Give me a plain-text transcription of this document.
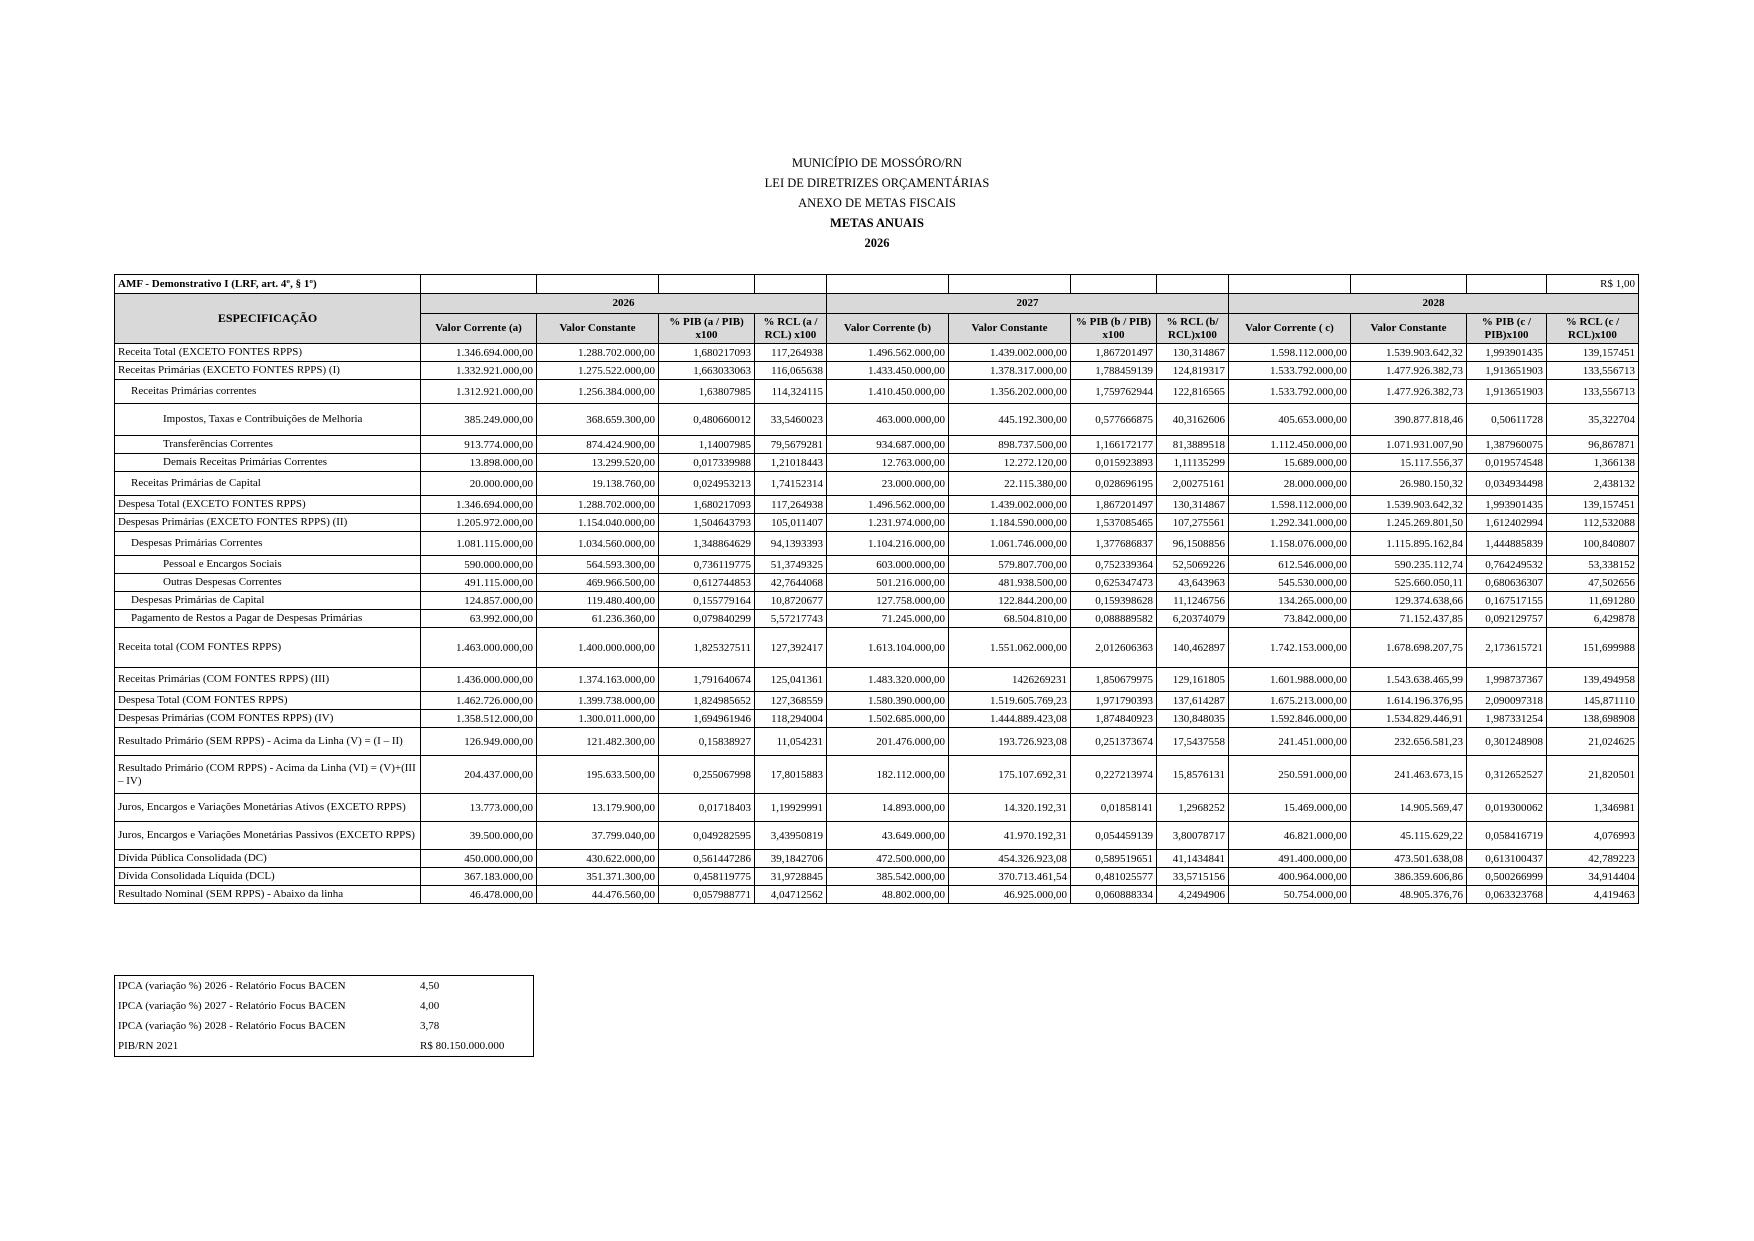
MUNICÍPIO DE MOSSÓRO/RN
LEI DE DIRETRIZES ORÇAMENTÁRIAS
ANEXO DE METAS FISCAIS
METAS ANUAIS
2026
AMF - Demonstrativo I (LRF, art. 4º, § 1º)												R$ 1,00
ESPECIFICAÇÃO	2026				2027				2028			
	Valor Corrente (a)	Valor Constante	% PIB (a / PIB) x100	% RCL (a / RCL) x100	Valor Corrente (b)	Valor Constante	% PIB (b / PIB) x100	% RCL (b/ RCL)x100	Valor Corrente ( c)	Valor Constante	% PIB (c / PIB)x100	% RCL (c / RCL)x100
Receita Total (EXCETO FONTES RPPS)	1.346.694.000,00	1.288.702.000,00	1,680217093	117,264938	1.496.562.000,00	1.439.002.000,00	1,867201497	130,314867	1.598.112.000,00	1.539.903.642,32	1,993901435	139,157451
Receitas Primárias (EXCETO FONTES RPPS) (I)	1.332.921.000,00	1.275.522.000,00	1,663033063	116,065638	1.433.450.000,00	1.378.317.000,00	1,788459139	124,819317	1.533.792.000,00	1.477.926.382,73	1,913651903	133,556713
Receitas Primárias correntes	1.312.921.000,00	1.256.384.000,00	1,63807985	114,324115	1.410.450.000,00	1.356.202.000,00	1,759762944	122,816565	1.533.792.000,00	1.477.926.382,73	1,913651903	133,556713
Impostos, Taxas e Contribuições de Melhoria	385.249.000,00	368.659.300,00	0,480660012	33,5460023	463.000.000,00	445.192.300,00	0,577666875	40,3162606	405.653.000,00	390.877.818,46	0,50611728	35,322704
Transferências Correntes	913.774.000,00	874.424.900,00	1,14007985	79,5679281	934.687.000,00	898.737.500,00	1,166172177	81,3889518	1.112.450.000,00	1.071.931.007,90	1,387960075	96,867871
Demais Receitas Primárias Correntes	13.898.000,00	13.299.520,00	0,017339988	1,21018443	12.763.000,00	12.272.120,00	0,015923893	1,11135299	15.689.000,00	15.117.556,37	0,019574548	1,366138
Receitas Primárias de Capital	20.000.000,00	19.138.760,00	0,024953213	1,74152314	23.000.000,00	22.115.380,00	0,028696195	2,00275161	28.000.000,00	26.980.150,32	0,034934498	2,438132
Despesa Total (EXCETO FONTES RPPS)	1.346.694.000,00	1.288.702.000,00	1,680217093	117,264938	1.496.562.000,00	1.439.002.000,00	1,867201497	130,314867	1.598.112.000,00	1.539.903.642,32	1,993901435	139,157451
Despesas Primárias (EXCETO FONTES RPPS) (II)	1.205.972.000,00	1.154.040.000,00	1,504643793	105,011407	1.231.974.000,00	1.184.590.000,00	1,537085465	107,275561	1.292.341.000,00	1.245.269.801,50	1,612402994	112,532088
Despesas Primárias Correntes	1.081.115.000,00	1.034.560.000,00	1,348864629	94,1393393	1.104.216.000,00	1.061.746.000,00	1,377686837	96,1508856	1.158.076.000,00	1.115.895.162,84	1,444885839	100,840807
Pessoal e Encargos Sociais	590.000.000,00	564.593.300,00	0,736119775	51,3749325	603.000.000,00	579.807.700,00	0,752339364	52,5069226	612.546.000,00	590.235.112,74	0,764249532	53,338152
Outras Despesas Correntes	491.115.000,00	469.966.500,00	0,612744853	42,7644068	501.216.000,00	481.938.500,00	0,625347473	43,643963	545.530.000,00	525.660.050,11	0,680636307	47,502656
Despesas Primárias de Capital	124.857.000,00	119.480.400,00	0,155779164	10,8720677	127.758.000,00	122.844.200,00	0,159398628	11,1246756	134.265.000,00	129.374.638,66	0,167517155	11,691280
Pagamento de Restos a Pagar de Despesas Primárias	63.992.000,00	61.236.360,00	0,079840299	5,57217743	71.245.000,00	68.504.810,00	0,088889582	6,20374079	73.842.000,00	71.152.437,85	0,092129757	6,429878
Receita total (COM FONTES RPPS)	1.463.000.000,00	1.400.000.000,00	1,825327511	127,392417	1.613.104.000,00	1.551.062.000,00	2,012606363	140,462897	1.742.153.000,00	1.678.698.207,75	2,173615721	151,699988
Receitas Primárias (COM FONTES RPPS) (III)	1.436.000.000,00	1.374.163.000,00	1,791640674	125,041361	1.483.320.000,00	1426269231	1,850679975	129,161805	1.601.988.000,00	1.543.638.465,99	1,998737367	139,494958
Despesa Total (COM FONTES RPPS)	1.462.726.000,00	1.399.738.000,00	1,824985652	127,368559	1.580.390.000,00	1.519.605.769,23	1,971790393	137,614287	1.675.213.000,00	1.614.196.376,95	2,090097318	145,871110
Despesas Primárias (COM FONTES RPPS) (IV)	1.358.512.000,00	1.300.011.000,00	1,694961946	118,294004	1.502.685.000,00	1.444.889.423,08	1,874840923	130,848035	1.592.846.000,00	1.534.829.446,91	1,987331254	138,698908
Resultado Primário (SEM RPPS) - Acima da Linha (V) = (I – II)	126.949.000,00	121.482.300,00	0,15838927	11,054231	201.476.000,00	193.726.923,08	0,251373674	17,5437558	241.451.000,00	232.656.581,23	0,301248908	21,024625
Resultado Primário (COM RPPS) - Acima da Linha (VI) = (V)+(III – IV)	204.437.000,00	195.633.500,00	0,255067998	17,8015883	182.112.000,00	175.107.692,31	0,227213974	15,8576131	250.591.000,00	241.463.673,15	0,312652527	21,820501
Juros, Encargos e Variações Monetárias Ativos (EXCETO RPPS)	13.773.000,00	13.179.900,00	0,01718403	1,19929991	14.893.000,00	14.320.192,31	0,01858141	1,2968252	15.469.000,00	14.905.569,47	0,019300062	1,346981
Juros, Encargos e Variações Monetárias Passivos (EXCETO RPPS)	39.500.000,00	37.799.040,00	0,049282595	3,43950819	43.649.000,00	41.970.192,31	0,054459139	3,80078717	46.821.000,00	45.115.629,22	0,058416719	4,076993
Dívida Pública Consolidada (DC)	450.000.000,00	430.622.000,00	0,561447286	39,1842706	472.500.000,00	454.326.923,08	0,589519651	41,1434841	491.400.000,00	473.501.638,08	0,613100437	42,789223
Dívida Consolidada Líquida (DCL)	367.183.000,00	351.371.300,00	0,458119775	31,9728845	385.542.000,00	370.713.461,54	0,481025577	33,5715156	400.964.000,00	386.359.606,86	0,500266999	34,914404
Resultado Nominal (SEM RPPS) - Abaixo da linha	46.478.000,00	44.476.560,00	0,057988771	4,04712562	48.802.000,00	46.925.000,00	0,060888334	4,2494906	50.754.000,00	48.905.376,76	0,063323768	4,419463
IPCA (variação %) 2026 - Relatório Focus BACEN	4,50
IPCA (variação %) 2027 - Relatório Focus BACEN	4,00
IPCA (variação %) 2028 - Relatório Focus BACEN	3,78
PIB/RN 2021	R$ 80.150.000.000
